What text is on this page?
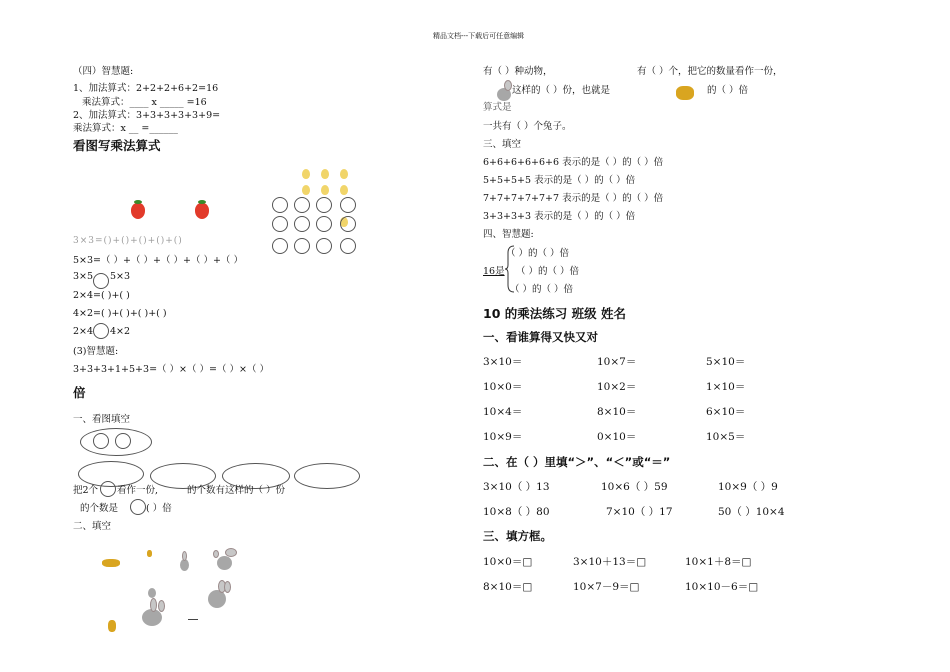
精品文档---下载后可任意编辑
（四）智慧题:
1、加法算式：2+2+2+6+2=16
乘法算式：____ x _____ =16
2、加法算式：3+3+3+3+3+9=
乘法算式：x __ =______
看图写乘法算式
3×3=()+()+()+()+()
5×3=（ ）+（ ）+（ ）+（ ）+（ ）
3×5 5×3
2×4=( )+( )
4×2=( )+( )+( )+( )
2×4 4×2
(3)智慧题:
3+3+3+1+5+3=（ ）×（ ）=（ ）×（ ）
倍
一、看图填空
把2个 看作一份,	的个数有这样的（ ）份
的个数是	( ）倍
二、填空
有（ ）种动物，	有（ ）个，把它的数量看作一份，
这样的（ ）份，也就是	的（ ）倍
算式是
一共有（ ）个兔子。
三、填空
6+6+6+6+6+6 表示的是（ ）的（ ）倍
5+5+5+5 表示的是（ ）的（ ）倍
7+7+7+7+7+7 表示的是（ ）的（ ）倍
3+3+3+3 表示的是（ ）的（ ）倍
四、智慧题:
（ ）的（ ）倍
16是 （ ）的（ ）倍
（ ）的（ ）倍
10 的乘法练习 班级 姓名
一、看谁算得又快又对
3×10＝	10×7＝	5×10＝
10×0＝	10×2＝	1×10＝
10×4＝	8×10＝	6×10＝
10×9＝	0×10＝	10×5＝
二、在（ ）里填“＞”、“＜”或“＝”
3×10（ ）13	10×6（ ）59	10×9（ ）9
10×8（ ）80	7×10（ ）17	50（ ）10×4
三、填方框。
10×0＝□	3×10＋13＝□	10×1＋8＝□
8×10＝□	10×7－9＝□	10×10－6＝□
